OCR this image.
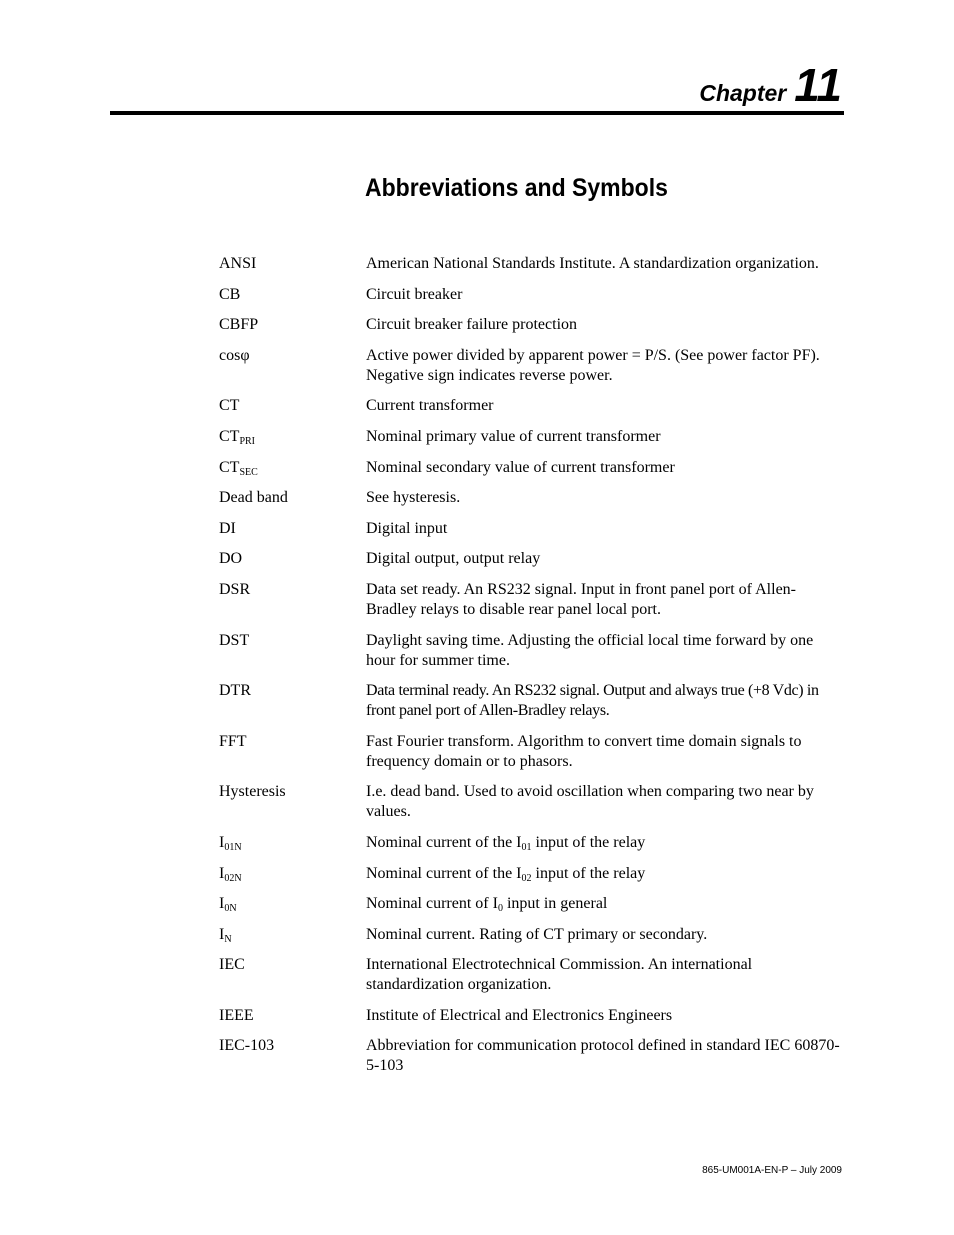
Chapter 11
Abbreviations and Symbols
ANSI	American National Standards Institute. A standardization organization.
CB	Circuit breaker
CBFP	Circuit breaker failure protection
cosφ	Active power divided by apparent power = P/S. (See power factor PF). Negative sign indicates reverse power.
CT	Current transformer
$CT_{PRI}$	Nominal primary value of current transformer
$CT_{SEC}$	Nominal secondary value of current transformer
Dead band	See hysteresis.
DI	Digital input
DO	Digital output, output relay
DSR	Data set ready. An RS232 signal. Input in front panel port of Allen-Bradley relays to disable rear panel local port.
DST	Daylight saving time. Adjusting the official local time forward by one hour for summer time.
DTR	Data terminal ready. An RS232 signal. Output and always true (+8 Vdc) in front panel port of Allen-Bradley relays.
FFT	Fast Fourier transform. Algorithm to convert time domain signals to frequency domain or to phasors.
Hysteresis	I.e. dead band. Used to avoid oscillation when comparing two near by values.
$I_{01N}$	Nominal current of the $I_{01}$ input of the relay
$I_{02N}$	Nominal current of the $I_{02}$ input of the relay
$I_{0N}$	Nominal current of $I_0$ input in general
$I_N$	Nominal current. Rating of CT primary or secondary.
IEC	International Electrotechnical Commission. An international standardization organization.
IEEE	Institute of Electrical and Electronics Engineers
IEC-103	Abbreviation for communication protocol defined in standard IEC 60870-5-103
865-UM001A-EN-P – July 2009
